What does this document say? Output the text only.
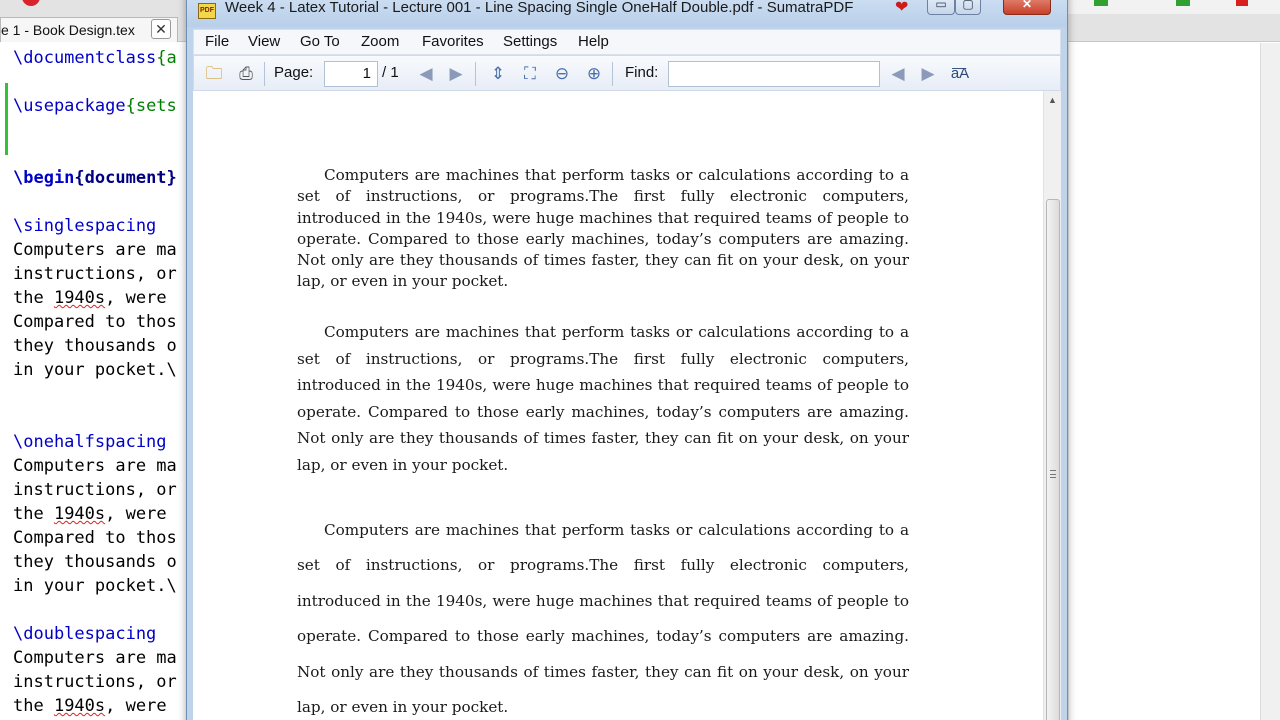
e 1 - Book Design.tex	✕
\documentclass{a
\usepackage{sets
\begin{document}
\singlespacing
Computers are ma
instructions, or
the 1940s, were
Compared to thos
they thousands o
in your pocket.\
\onehalfspacing
Computers are ma
instructions, or
the 1940s, were
Compared to thos
they thousands o
in your pocket.\
\doublespacing
Computers are ma
instructions, or
the 1940s, were
PDF Week 4 - Latex Tutorial - Lecture 001 - Line Spacing Single OneHalf Double.pdf - SumatraPDF	❤	▭	▢	✕
File View Go To Zoom Favorites Settings Help
🗀 ⎙ Page:	1 / 1 ◀ ▶ ⇕ ⛶ ⊖ ⊕ Find:	◀ ▶ a͞A

Computers are machines that perform tasks or calculations according to a set of instructions, or programs.The first fully electronic computers, introduced in the 1940s, were huge machines that required teams of people to operate. Compared to those early machines, today’s computers are amazing. Not only are they thousands of times faster, they can fit on your desk, on your lap, or even in your pocket.

Computers are machines that perform tasks or calculations according to a set of instructions, or programs.The first fully electronic computers, introduced in the 1940s, were huge machines that required teams of people to operate. Compared to those early machines, today’s computers are amazing. Not only are they thousands of times faster, they can fit on your desk, on your lap, or even in your pocket.

Computers are machines that perform tasks or calculations according to a set of instructions, or programs.The first fully electronic computers, introduced in the 1940s, were huge machines that required teams of people to operate. Compared to those early machines, today’s computers are amazing. Not only are they thousands of times faster, they can fit on your desk, on your lap, or even in your pocket.

▲
